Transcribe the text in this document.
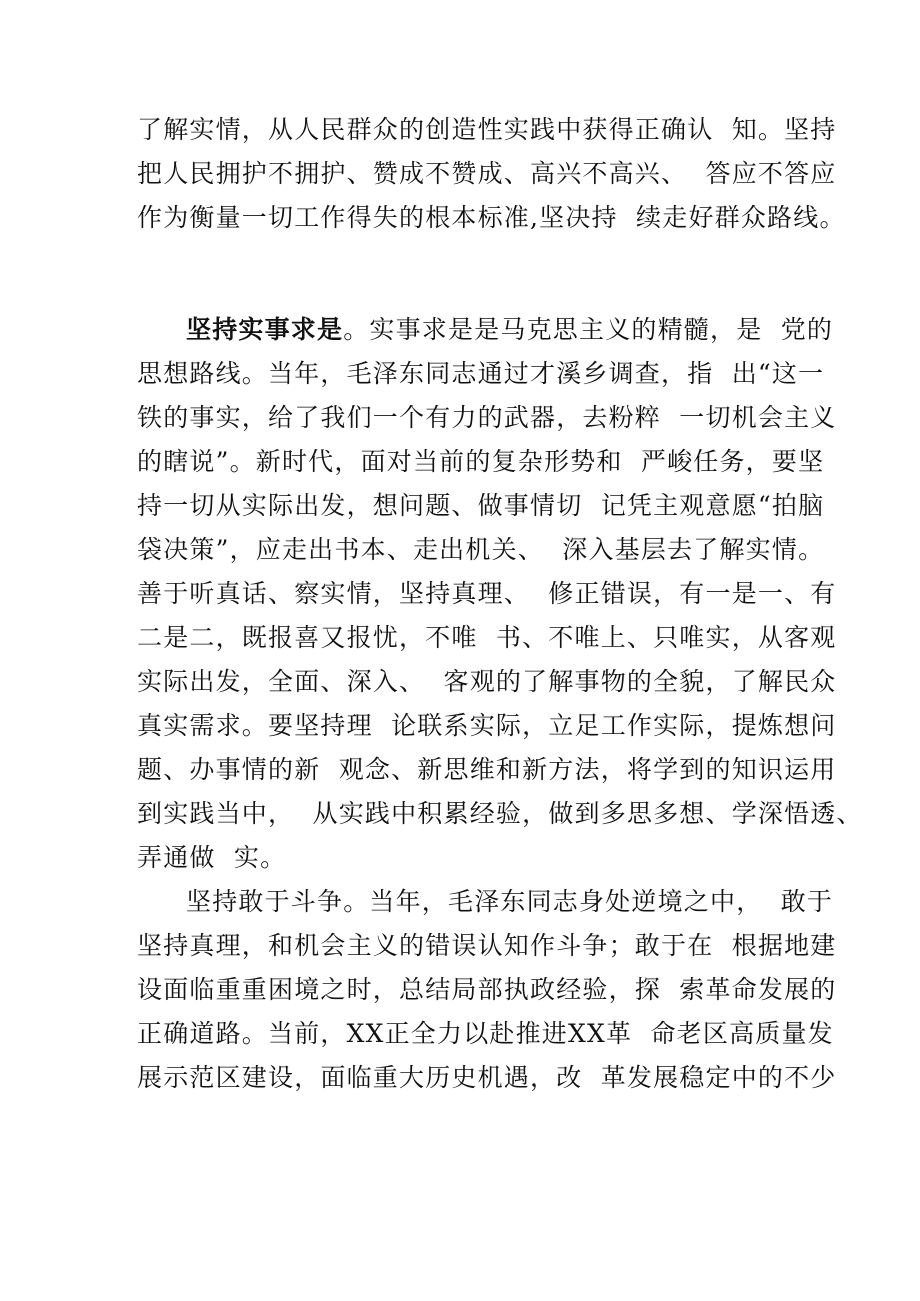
了解实情，从人民群众的创造性实践中获得正确认  知。坚持
把人民拥护不拥护、赞成不赞成、高兴不高兴、  答应不答应
作为衡量一切工作得失的根本标准,坚决持  续走好群众路线。
坚持实事求是。实事求是是马克思主义的精髓，是  党的
思想路线。当年，毛泽东同志通过才溪乡调查，指  出“这一
铁的事实，给了我们一个有力的武器，去粉粹  一切机会主义
的瞎说”。新时代，面对当前的复杂形势和  严峻任务，要坚
持一切从实际出发，想问题、做事情切  记凭主观意愿“拍脑
袋决策”，应走出书本、走出机关、  深入基层去了解实情。
善于听真话、察实情，坚持真理、  修正错误，有一是一、有
二是二，既报喜又报忧，不唯  书、不唯上、只唯实，从客观
实际出发，全面、深入、  客观的了解事物的全貌，了解民众
真实需求。要坚持理  论联系实际，立足工作实际，提炼想问
题、办事情的新  观念、新思维和新方法，将学到的知识运用
到实践当中，  从实践中积累经验，做到多思多想、学深悟透、
弄通做  实。
坚持敢于斗争。当年，毛泽东同志身处逆境之中，  敢于
坚持真理，和机会主义的错误认知作斗争；敢于在  根据地建
设面临重重困境之时，总结局部执政经验，探  索革命发展的
正确道路。当前，XX正全力以赴推进XX革  命老区高质量发
展示范区建设，面临重大历史机遇，改  革发展稳定中的不少
